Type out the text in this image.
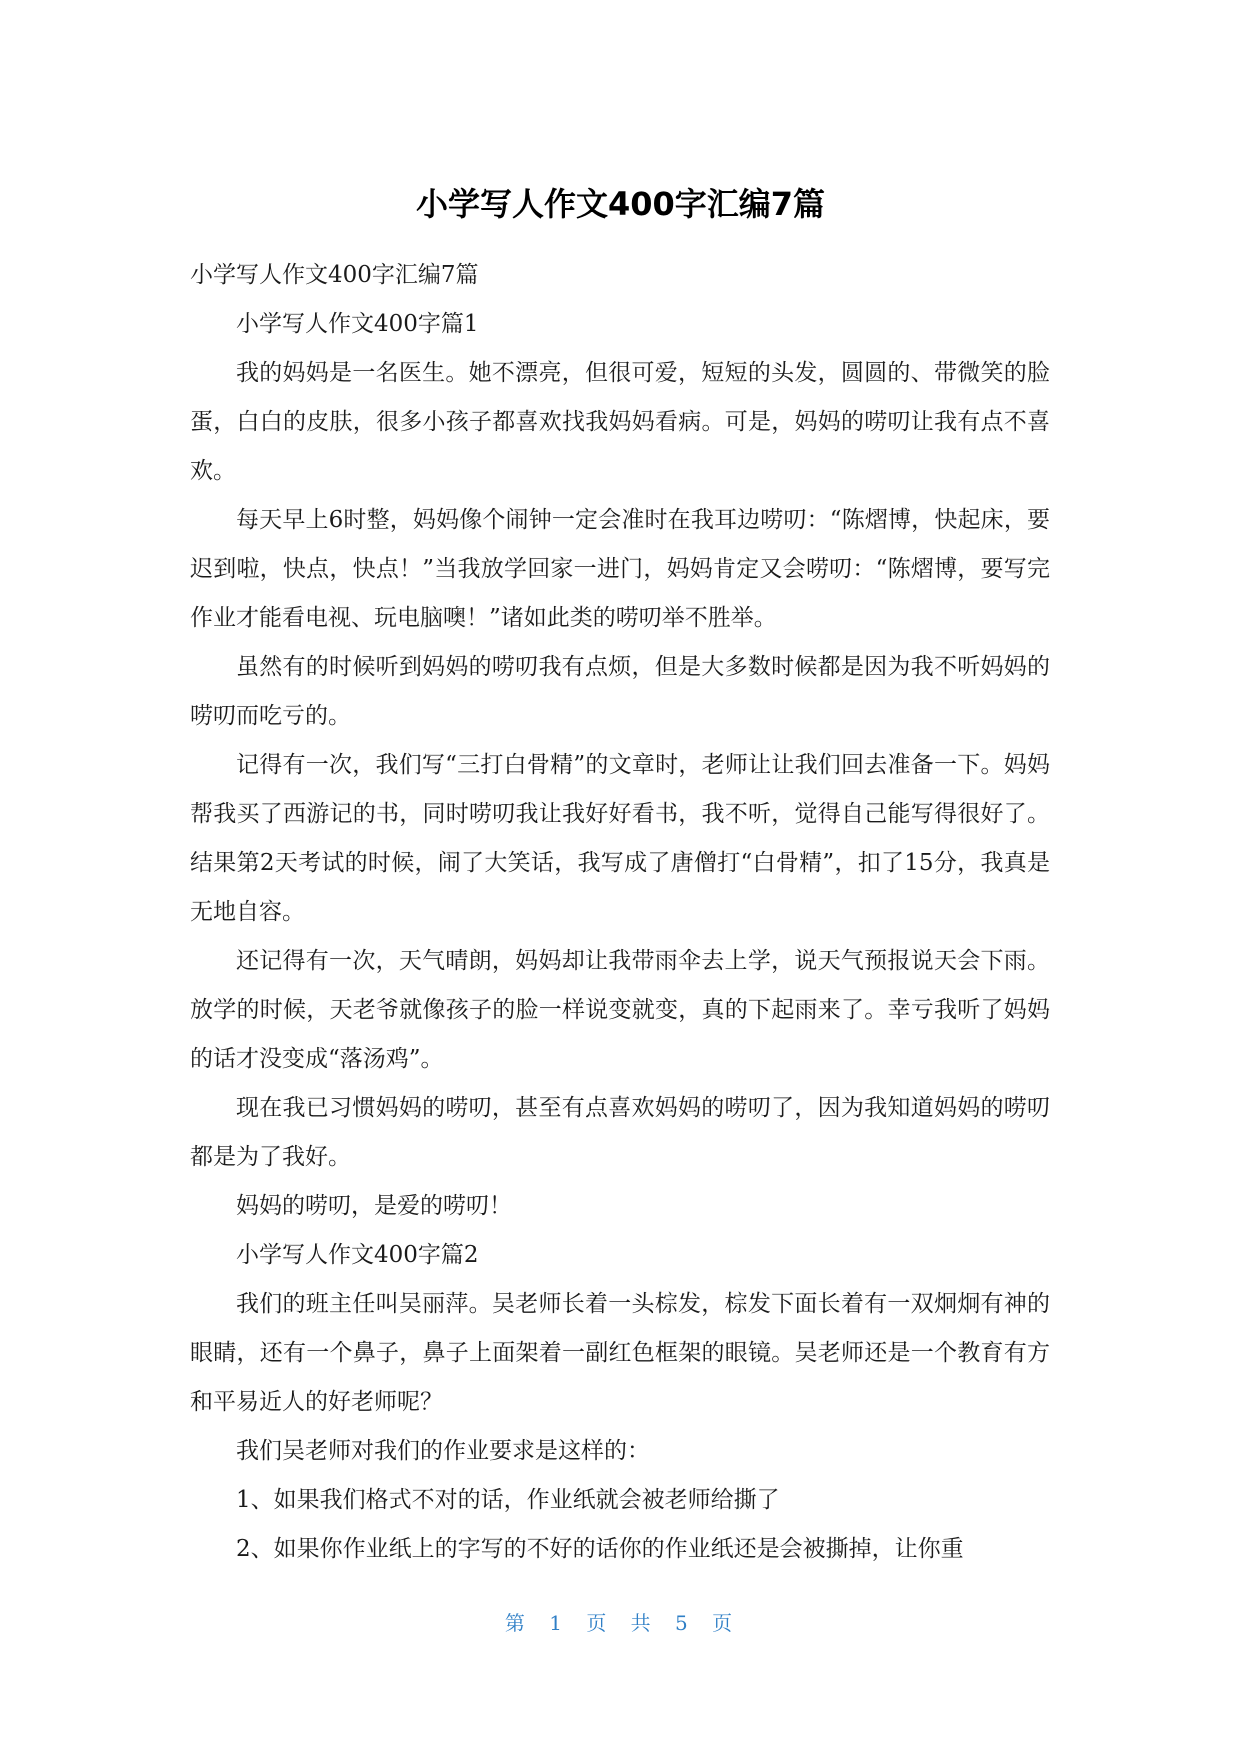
小学写人作文400字汇编7篇

小学写人作文400字汇编7篇

小学写人作文400字篇1

我的妈妈是一名医生。她不漂亮，但很可爱，短短的头发，圆圆的、带微笑的脸蛋，白白的皮肤，很多小孩子都喜欢找我妈妈看病。可是，妈妈的唠叨让我有点不喜欢。

每天早上6时整，妈妈像个闹钟一定会准时在我耳边唠叨：“陈熠博，快起床，要迟到啦，快点，快点！”当我放学回家一进门，妈妈肯定又会唠叨：“陈熠博，要写完作业才能看电视、玩电脑噢！”诸如此类的唠叨举不胜举。

虽然有的时候听到妈妈的唠叨我有点烦，但是大多数时候都是因为我不听妈妈的唠叨而吃亏的。

记得有一次，我们写“三打白骨精”的文章时，老师让让我们回去准备一下。妈妈帮我买了西游记的书，同时唠叨我让我好好看书，我不听，觉得自己能写得很好了。结果第2天考试的时候，闹了大笑话，我写成了唐僧打“白骨精”，扣了15分，我真是无地自容。

还记得有一次，天气晴朗，妈妈却让我带雨伞去上学，说天气预报说天会下雨。放学的时候，天老爷就像孩子的脸一样说变就变，真的下起雨来了。幸亏我听了妈妈的话才没变成“落汤鸡”。

现在我已习惯妈妈的唠叨，甚至有点喜欢妈妈的唠叨了，因为我知道妈妈的唠叨都是为了我好。

妈妈的唠叨，是爱的唠叨！

小学写人作文400字篇2

我们的班主任叫吴丽萍。吴老师长着一头棕发，棕发下面长着有一双炯炯有神的眼睛，还有一个鼻子，鼻子上面架着一副红色框架的眼镜。吴老师还是一个教育有方和平易近人的好老师呢？

我们吴老师对我们的作业要求是这样的：

1、如果我们格式不对的话，作业纸就会被老师给撕了

2、如果你作业纸上的字写的不好的话你的作业纸还是会被撕掉，让你重

第 1 页 共 5 页
